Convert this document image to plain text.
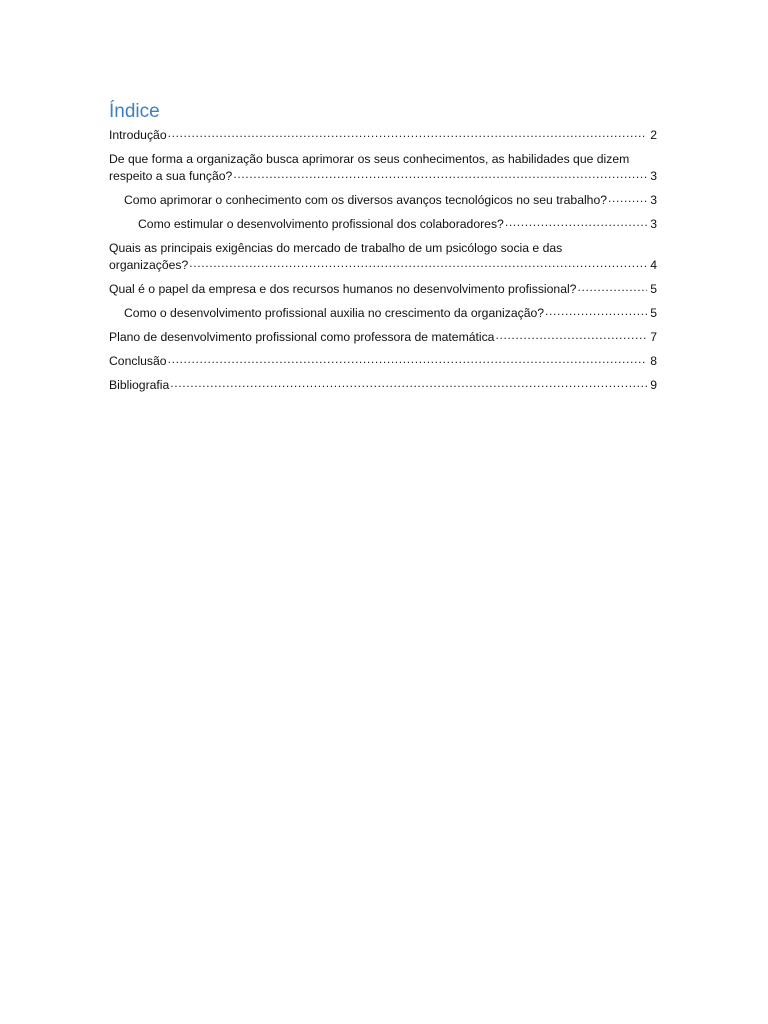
Índice
Introdução .....	2
De que forma a organização busca aprimorar os seus conhecimentos, as habilidades que dizem
respeito a sua função? .....	3
Como aprimorar o conhecimento com os diversos avanços tecnológicos no seu trabalho? .....	3
Como estimular o desenvolvimento profissional dos colaboradores? .....	3
Quais as principais exigências do mercado de trabalho de um psicólogo socia e das
organizações? .....	4
Qual é o papel da empresa e dos recursos humanos no desenvolvimento profissional? .....	5
Como o desenvolvimento profissional auxilia no crescimento da organização? .....	5
Plano de desenvolvimento profissional como professora de matemática .....	7
Conclusão .....	8
Bibliografia .....	9
